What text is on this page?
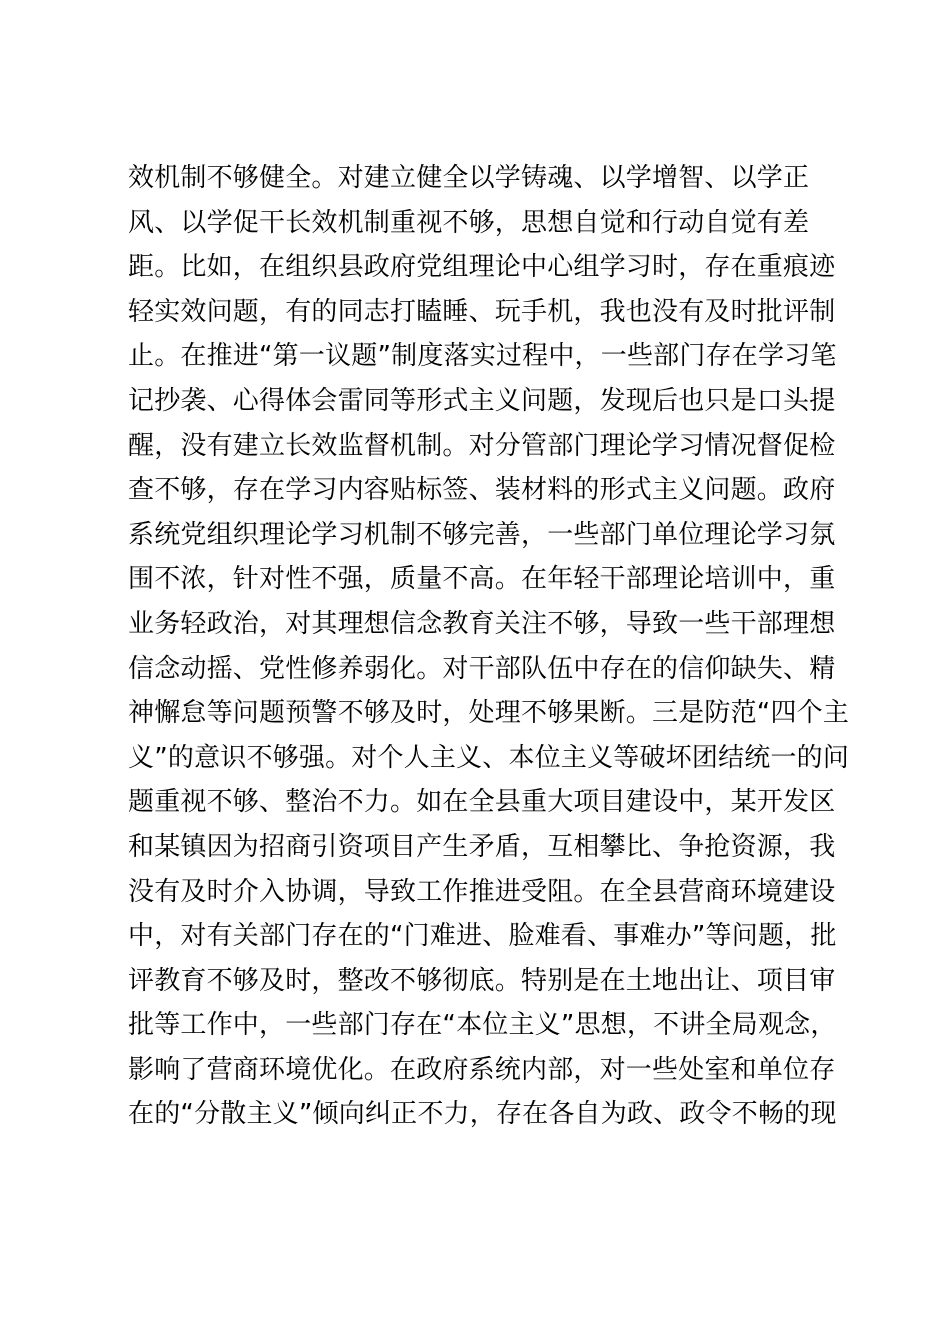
效机制不够健全。对建立健全以学铸魂、以学增智、以学正
风、以学促干长效机制重视不够，思想自觉和行动自觉有差
距。比如，在组织县政府党组理论中心组学习时，存在重痕迹
轻实效问题，有的同志打瞌睡、玩手机，我也没有及时批评制
止。在推进“第一议题”制度落实过程中，一些部门存在学习笔
记抄袭、心得体会雷同等形式主义问题，发现后也只是口头提
醒，没有建立长效监督机制。对分管部门理论学习情况督促检
查不够，存在学习内容贴标签、装材料的形式主义问题。政府
系统党组织理论学习机制不够完善，一些部门单位理论学习氛
围不浓，针对性不强，质量不高。在年轻干部理论培训中，重
业务轻政治，对其理想信念教育关注不够，导致一些干部理想
信念动摇、党性修养弱化。对干部队伍中存在的信仰缺失、精
神懈怠等问题预警不够及时，处理不够果断。三是防范“四个主
义”的意识不够强。对个人主义、本位主义等破坏团结统一的问
题重视不够、整治不力。如在全县重大项目建设中，某开发区
和某镇因为招商引资项目产生矛盾，互相攀比、争抢资源，我
没有及时介入协调，导致工作推进受阻。在全县营商环境建设
中，对有关部门存在的“门难进、脸难看、事难办”等问题，批
评教育不够及时，整改不够彻底。特别是在土地出让、项目审
批等工作中，一些部门存在“本位主义”思想，不讲全局观念，
影响了营商环境优化。在政府系统内部，对一些处室和单位存
在的“分散主义”倾向纠正不力，存在各自为政、政令不畅的现
